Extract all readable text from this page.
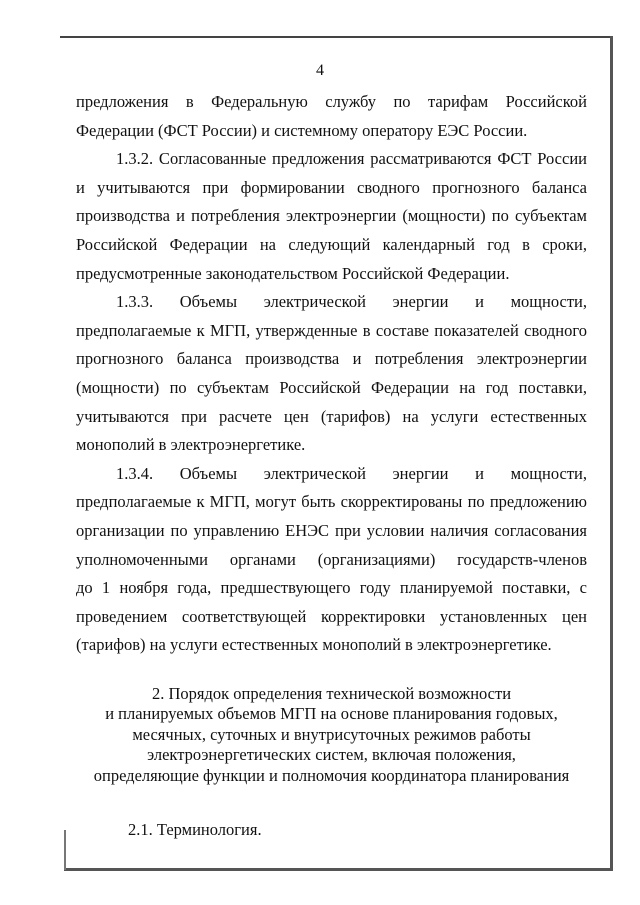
4
предложения в Федеральную службу по тарифам Российской
Федерации (ФСТ России) и системному оператору ЕЭС России.
1.3.2. Согласованные предложения рассматриваются ФСТ России
и учитываются при формировании сводного прогнозного баланса
производства и потребления электроэнергии (мощности) по субъектам
Российской Федерации на следующий календарный год в сроки,
предусмотренные законодательством Российской Федерации.
1.3.3. Объемы электрической энергии и мощности,
предполагаемые к МГП, утвержденные в составе показателей сводного
прогнозного баланса производства и потребления электроэнергии
(мощности) по субъектам Российской Федерации на год поставки,
учитываются при расчете цен (тарифов) на услуги естественных
монополий в электроэнергетике.
1.3.4. Объемы электрической энергии и мощности,
предполагаемые к МГП, могут быть скорректированы по предложению
организации по управлению ЕНЭС при условии наличия согласования
уполномоченными органами (организациями) государств-членов
до 1 ноября года, предшествующего году планируемой поставки, с
проведением соответствующей корректировки установленных цен
(тарифов) на услуги естественных монополий в электроэнергетике.
2. Порядок определения технической возможности
и планируемых объемов МГП на основе планирования годовых,
месячных, суточных и внутрисуточных режимов работы
электроэнергетических систем, включая положения,
определяющие функции и полномочия координатора планирования
2.1. Терминология.
